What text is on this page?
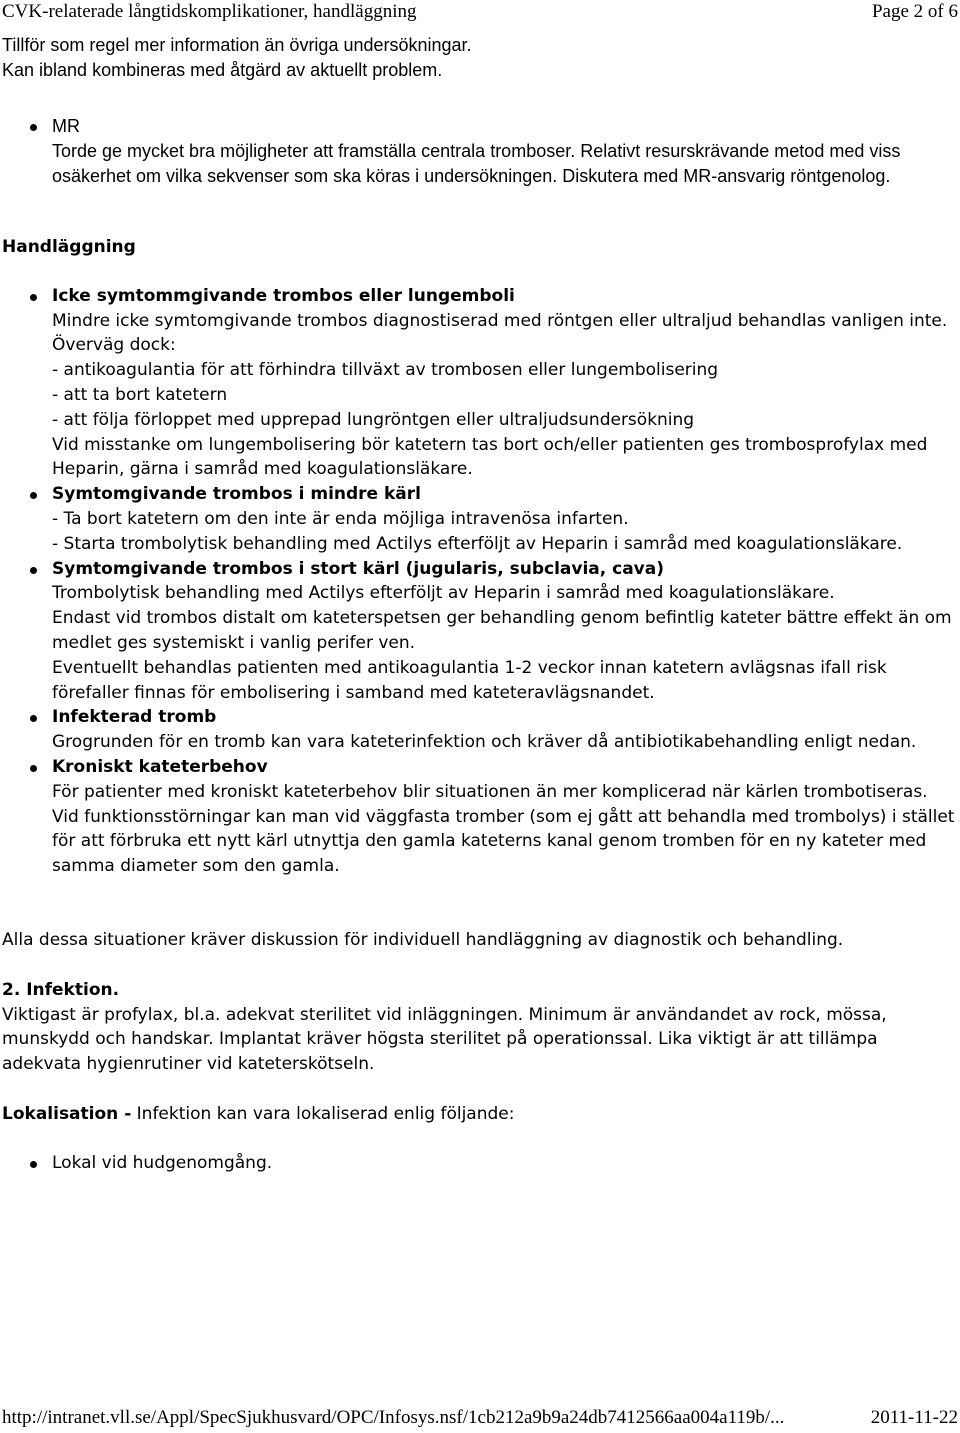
CVK-relaterade långtidskomplikationer, handläggning	Page 2 of 6

Tillför som regel mer information än övriga undersökningar.

Kan ibland kombineras med åtgärd av aktuellt problem.

MR

Torde ge mycket bra möjligheter att framställa centrala tromboser. Relativt resurskrävande metod med viss osäkerhet om vilka sekvenser som ska köras i undersökningen. Diskutera med MR-ansvarig röntgenolog.

Handläggning

Icke symtommgivande trombos eller lungemboli

Mindre icke symtomgivande trombos diagnostiserad med röntgen eller ultraljud behandlas vanligen inte.

Överväg dock:

- antikoagulantia för att förhindra tillväxt av trombosen eller lungembolisering

- att ta bort katetern

- att följa förloppet med upprepad lungröntgen eller ultraljudsundersökning

Vid misstanke om lungembolisering bör katetern tas bort och/eller patienten ges trombosprofylax med Heparin, gärna i samråd med koagulationsläkare.

Symtomgivande trombos i mindre kärl

- Ta bort katetern om den inte är enda möjliga intravenösa infarten.

- Starta trombolytisk behandling med Actilys efterföljt av Heparin i samråd med koagulationsläkare.

Symtomgivande trombos i stort kärl (jugularis, subclavia, cava)

Trombolytisk behandling med Actilys efterföljt av Heparin i samråd med koagulationsläkare.

Endast vid trombos distalt om kateterspetsen ger behandling genom befintlig kateter bättre effekt än om medlet ges systemiskt i vanlig perifer ven.

Eventuellt behandlas patienten med antikoagulantia 1-2 veckor innan katetern avlägsnas ifall risk förefaller finnas för embolisering i samband med kateteravlägsnandet.

Infekterad tromb

Grogrunden för en tromb kan vara kateterinfektion och kräver då antibiotikabehandling enligt nedan.

Kroniskt kateterbehov

För patienter med kroniskt kateterbehov blir situationen än mer komplicerad när kärlen trombotiseras. Vid funktionsstörningar kan man vid väggfasta tromber (som ej gått att behandla med trombolys) i stället för att förbruka ett nytt kärl utnyttja den gamla kateterns kanal genom tromben för en ny kateter med samma diameter som den gamla.

Alla dessa situationer kräver diskussion för individuell handläggning av diagnostik och behandling.

2. Infektion.

Viktigast är profylax, bl.a. adekvat sterilitet vid inläggningen. Minimum är användandet av rock, mössa, munskydd och handskar. Implantat kräver högsta sterilitet på operationssal. Lika viktigt är att tillämpa adekvata hygienrutiner vid kateterskötseln.

Lokalisation - Infektion kan vara lokaliserad enlig följande:

Lokal vid hudgenomgång.

http://intranet.vll.se/Appl/SpecSjukhusvard/OPC/Infosys.nsf/1cb212a9b9a24db7412566aa004a119b/...	2011-11-22
